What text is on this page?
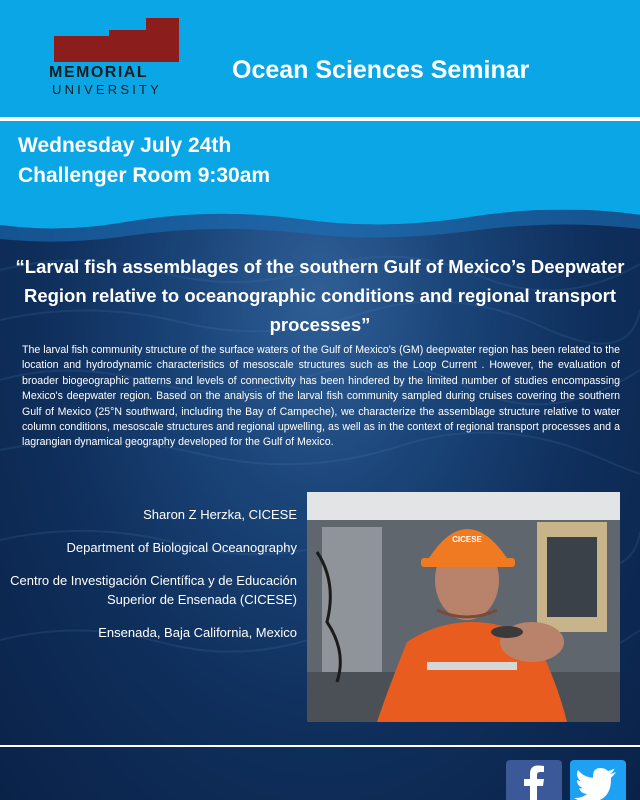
MEMORIAL
UNIVERSITY
Ocean Sciences Seminar
Wednesday July 24th
Challenger Room 9:30am
“Larval fish assemblages of the southern Gulf of Mexico’s Deepwater Region relative to oceanographic conditions and regional transport processes”
The larval fish community structure of the surface waters of the Gulf of Mexico's (GM) deepwater region has been related to the location and hydrodynamic characteristics of mesoscale structures such as the Loop Current . However, the evaluation of broader biogeographic patterns and levels of connectivity has been hindered by the limited number of studies encompassing Mexico's deepwater region. Based on the analysis of the larval fish community sampled during cruises covering the southern Gulf of Mexico (25°N southward, including the Bay of Campeche), we characterize the assemblage structure relative to water column conditions, mesoscale structures and regional upwelling, as well as in the context of regional transport processes and a lagrangian dynamical geography developed for the Gulf of Mexico.
Sharon Z Herzka, CICESE
Department of Biological Oceanography
Centro de Investigación Científica y de Educación Superior de Ensenada (CICESE)
Ensenada, Baja California, Mexico
CICESE
